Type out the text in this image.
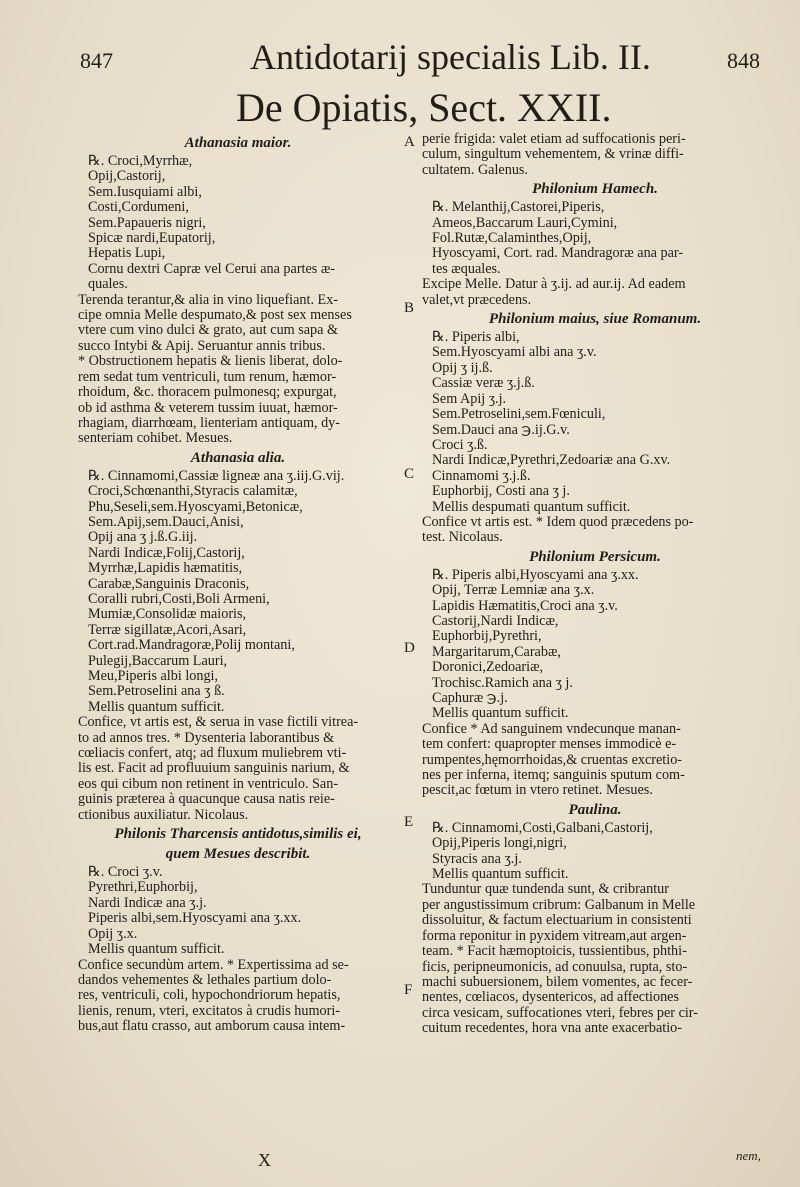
847	Antidotarij specialis Lib. II.	848
De Opiatis, Sect. XXII.
A
B
C
D
E
F
Athanasia maior.
℞. Croci,Myrrhæ,
Opij,Castorij,
Sem.Iusquiami albi,
Costi,Cordumeni,
Sem.Papaueris nigri,
Spicæ nardi,Eupatorij,
Hepatis Lupi,
Cornu dextri Capræ vel Cerui ana partes æ-
quales.
Terenda terantur,& alia in vino liquefiant. Ex-
cipe omnia Melle despumato,& post sex menses
vtere cum vino dulci & grato, aut cum sapa &
succo Intybi & Apij. Seruantur annis tribus.
* Obstructionem hepatis & lienis liberat, dolo-
rem sedat tum ventriculi, tum renum, hæmor-
rhoidum, &c. thoracem pulmonesq; expurgat,
ob id asthma & veterem tussim iuuat, hæmor-
rhagiam, diarrhœam, lienteriam antiquam, dy-
senteriam cohibet. Mesues.
Athanasia alia.
℞. Cinnamomi,Cassiæ ligneæ ana ʒ.iij.G.vij.
Croci,Schœnanthi,Styracis calamitæ,
Phu,Seseli,sem.Hyoscyami,Betonicæ,
Sem.Apij,sem.Dauci,Anisi,
Opij ana ʒ j.ß.G.iij.
Nardi Indicæ,Folij,Castorij,
Myrrhæ,Lapidis hæmatitis,
Carabæ,Sanguinis Draconis,
Coralli rubri,Costi,Boli Armeni,
Mumiæ,Consolidæ maioris,
Terræ sigillatæ,Acori,Asari,
Cort.rad.Mandragoræ,Polij montani,
Pulegij,Baccarum Lauri,
Meu,Piperis albi longi,
Sem.Petroselini ana ʒ ß.
Mellis quantum sufficit.
Confice, vt artis est, & serua in vase fictili vitrea-
to ad annos tres. * Dysenteria laborantibus &
cœliacis confert, atq; ad fluxum muliebrem vti-
lis est. Facit ad profluuium sanguinis narium, &
eos qui cibum non retinent in ventriculo. San-
guinis præterea à quacunque causa natis reie-
ctionibus auxiliatur. Nicolaus.
Philonis Tharcensis antidotus,similis ei,
quem Mesues describit.
℞. Croci ʒ.v.
Pyrethri,Euphorbij,
Nardi Indicæ ana ʒ.j.
Piperis albi,sem.Hyoscyami ana ʒ.xx.
Opij ʒ.x.
Mellis quantum sufficit.
Confice secundùm artem. * Expertissima ad se-
dandos vehementes & lethales partium dolo-
res, ventriculi, coli, hypochondriorum hepatis,
lienis, renum, vteri, excitatos à crudis humori-
bus,aut flatu crasso, aut amborum causa intem-
perie frigida: valet etiam ad suffocationis peri-
culum, singultum vehementem, & vrinæ diffi-
cultatem. Galenus.
Philonium Hamech.
℞. Melanthij,Castorei,Piperis,
Ameos,Baccarum Lauri,Cymini,
Fol.Rutæ,Calaminthes,Opij,
Hyoscyami, Cort. rad. Mandragoræ ana par-
tes æquales.
Excipe Melle. Datur à ʒ.ij. ad aur.ij. Ad eadem
valet,vt præcedens.
Philonium maius, siue Romanum.
℞. Piperis albi,
Sem.Hyoscyami albi ana ʒ.v.
Opij ʒ ij.ß.
Cassiæ veræ ʒ.j.ß.
Sem Apij ʒ.j.
Sem.Petroselini,sem.Fœniculi,
Sem.Dauci ana ℈.ij.G.v.
Croci ʒ.ß.
Nardi Indicæ,Pyrethri,Zedoariæ ana G.xv.
Cinnamomi ʒ.j.ß.
Euphorbij, Costi ana ʒ j.
Mellis despumati quantum sufficit.
Confice vt artis est. * Idem quod præcedens po-
test. Nicolaus.
Philonium Persicum.
℞. Piperis albi,Hyoscyami ana ʒ.xx.
Opij, Terræ Lemniæ ana ʒ.x.
Lapidis Hæmatitis,Croci ana ʒ.v.
Castorij,Nardi Indicæ,
Euphorbij,Pyrethri,
Margaritarum,Carabæ,
Doronici,Zedoariæ,
Trochisc.Ramich ana ʒ j.
Caphuræ ℈.j.
Mellis quantum sufficit.
Confice * Ad sanguinem vndecunque manan-
tem confert: quapropter menses immodicè e-
rumpentes,hęmorrhoidas,& cruentas excretio-
nes per inferna, itemq; sanguinis sputum com-
pescit,ac fœtum in vtero retinet. Mesues.
Paulina.
℞. Cinnamomi,Costi,Galbani,Castorij,
Opij,Piperis longi,nigri,
Styracis ana ʒ.j.
Mellis quantum sufficit.
Tunduntur quæ tundenda sunt, & cribrantur
per angustissimum cribrum: Galbanum in Melle
dissoluitur, & factum electuarium in consistenti
forma reponitur in pyxidem vitream,aut argen-
team. * Facit hæmoptoicis, tussientibus, phthi-
ficis, peripneumonicis, ad conuulsa, rupta, sto-
machi subuersionem, bilem vomentes, ac fecer-
nentes, cœliacos, dysentericos, ad affectiones
circa vesicam, suffocationes vteri, febres per cir-
cuitum recedentes, hora vna ante exacerbatio-
X	nem,
